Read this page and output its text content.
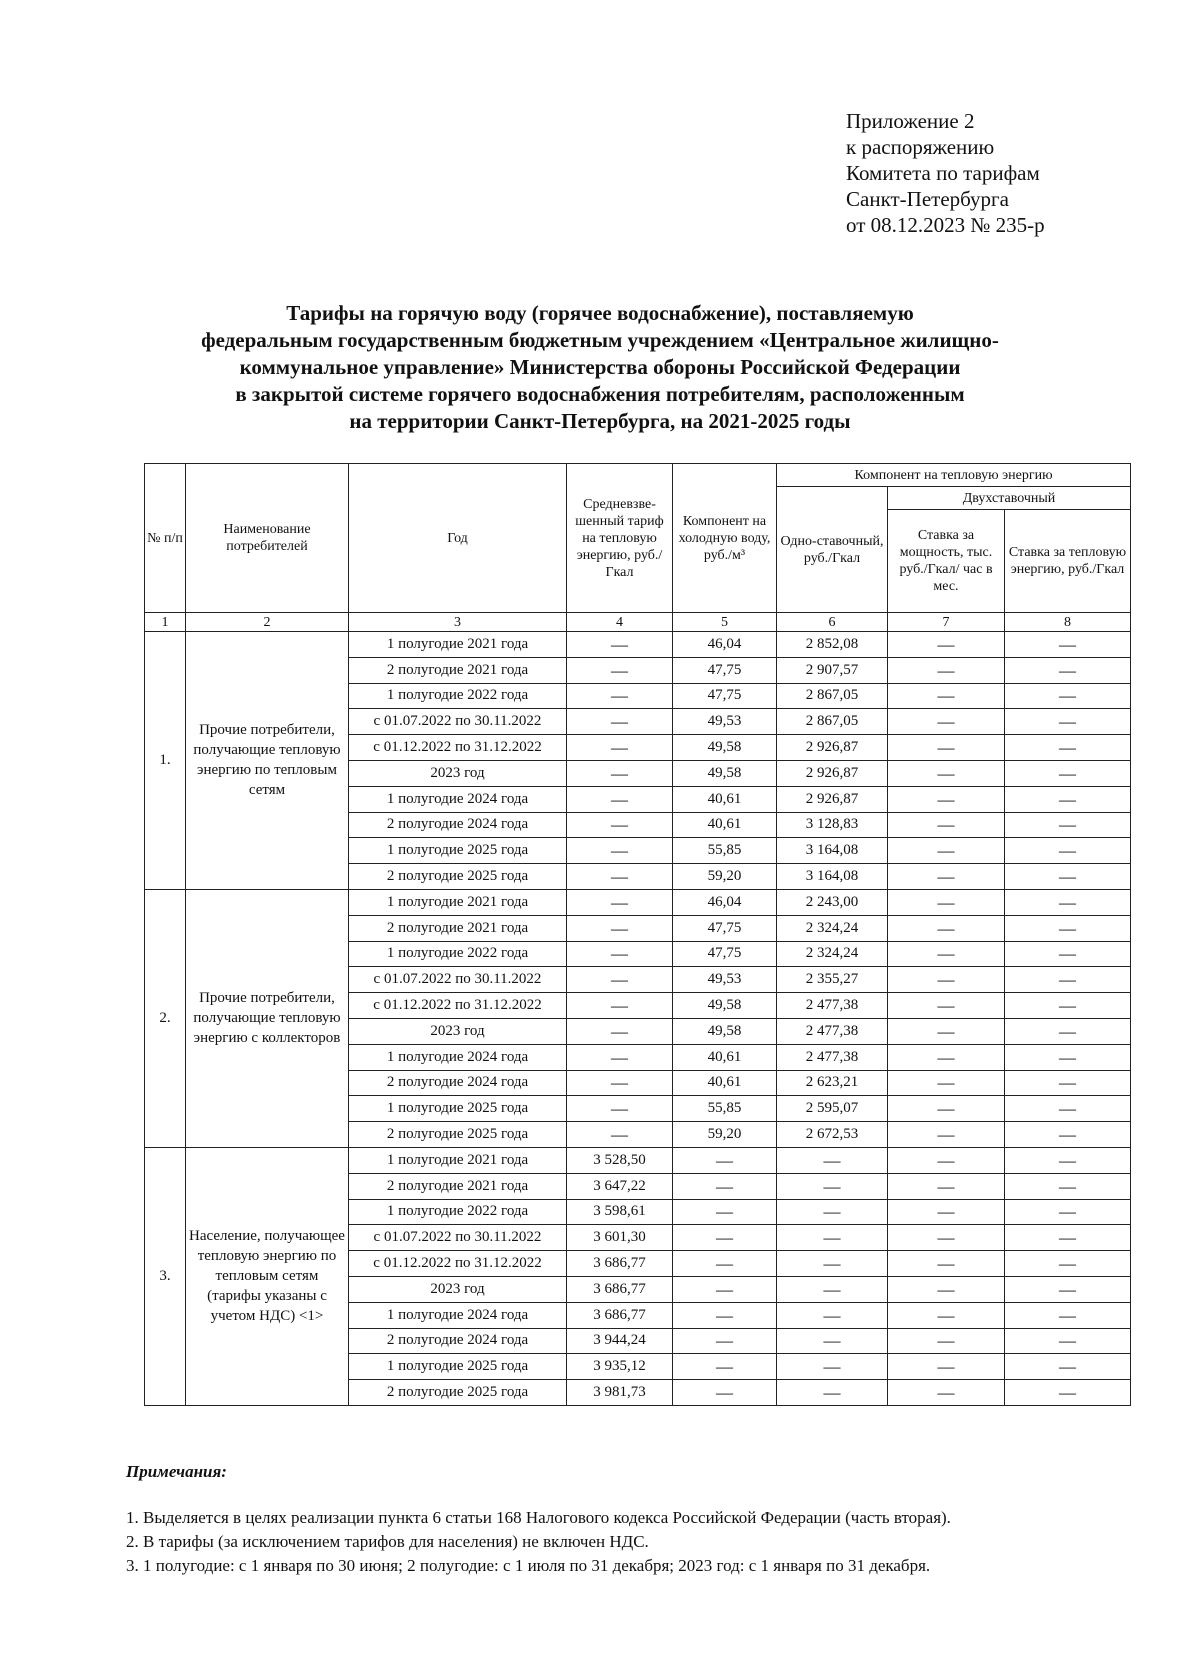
Приложение 2
к распоряжению
Комитета по тарифам
Санкт-Петербурга
от 08.12.2023 № 235-р
Тарифы на горячую воду (горячее водоснабжение), поставляемую
федеральным государственным бюджетным учреждением «Центральное жилищно-
коммунальное управление» Министерства обороны Российской Федерации
в закрытой системе горячего водоснабжения потребителям, расположенным
на территории Санкт-Петербурга, на 2021-2025 годы
№ п/п	Наименование потребителей	Год	Средневзве-шенный тариф на тепловую энергию, руб./Гкал	Компонент на холодную воду, руб./м³	Компонент на тепловую энергию		
					Одно-ставочный, руб./Гкал	Двухставочный	
						Ставка за мощность, тыс. руб./Гкал/ час в мес.	Ставка за тепловую энергию, руб./Гкал
1	2	3	4	5	6	7	8
1.	Прочие потребители, получающие тепловую энергию по тепловым сетям	1 полугодие 2021 года	—	46,04	2 852,08	—	—
		2 полугодие 2021 года	—	47,75	2 907,57	—	—
		1 полугодие 2022 года	—	47,75	2 867,05	—	—
		с 01.07.2022 по 30.11.2022	—	49,53	2 867,05	—	—
		с 01.12.2022 по 31.12.2022	—	49,58	2 926,87	—	—
		2023 год	—	49,58	2 926,87	—	—
		1 полугодие 2024 года	—	40,61	2 926,87	—	—
		2 полугодие 2024 года	—	40,61	3 128,83	—	—
		1 полугодие 2025 года	—	55,85	3 164,08	—	—
		2 полугодие 2025 года	—	59,20	3 164,08	—	—
2.	Прочие потребители, получающие тепловую энергию с коллекторов	1 полугодие 2021 года	—	46,04	2 243,00	—	—
		2 полугодие 2021 года	—	47,75	2 324,24	—	—
		1 полугодие 2022 года	—	47,75	2 324,24	—	—
		с 01.07.2022 по 30.11.2022	—	49,53	2 355,27	—	—
		с 01.12.2022 по 31.12.2022	—	49,58	2 477,38	—	—
		2023 год	—	49,58	2 477,38	—	—
		1 полугодие 2024 года	—	40,61	2 477,38	—	—
		2 полугодие 2024 года	—	40,61	2 623,21	—	—
		1 полугодие 2025 года	—	55,85	2 595,07	—	—
		2 полугодие 2025 года	—	59,20	2 672,53	—	—
3.	Население, получающее тепловую энергию по тепловым сетям (тарифы указаны с учетом НДС) <1>	1 полугодие 2021 года	3 528,50	—	—	—	—
		2 полугодие 2021 года	3 647,22	—	—	—	—
		1 полугодие 2022 года	3 598,61	—	—	—	—
		с 01.07.2022 по 30.11.2022	3 601,30	—	—	—	—
		с 01.12.2022 по 31.12.2022	3 686,77	—	—	—	—
		2023 год	3 686,77	—	—	—	—
		1 полугодие 2024 года	3 686,77	—	—	—	—
		2 полугодие 2024 года	3 944,24	—	—	—	—
		1 полугодие 2025 года	3 935,12	—	—	—	—
		2 полугодие 2025 года	3 981,73	—	—	—	—
Примечания:
1. Выделяется в целях реализации пункта 6 статьи 168 Налогового кодекса Российской Федерации (часть вторая).
2. В тарифы (за исключением тарифов для населения) не включен НДС.
3. 1 полугодие: с 1 января по 30 июня; 2 полугодие: с 1 июля по 31 декабря; 2023 год: с 1 января по 31 декабря.
